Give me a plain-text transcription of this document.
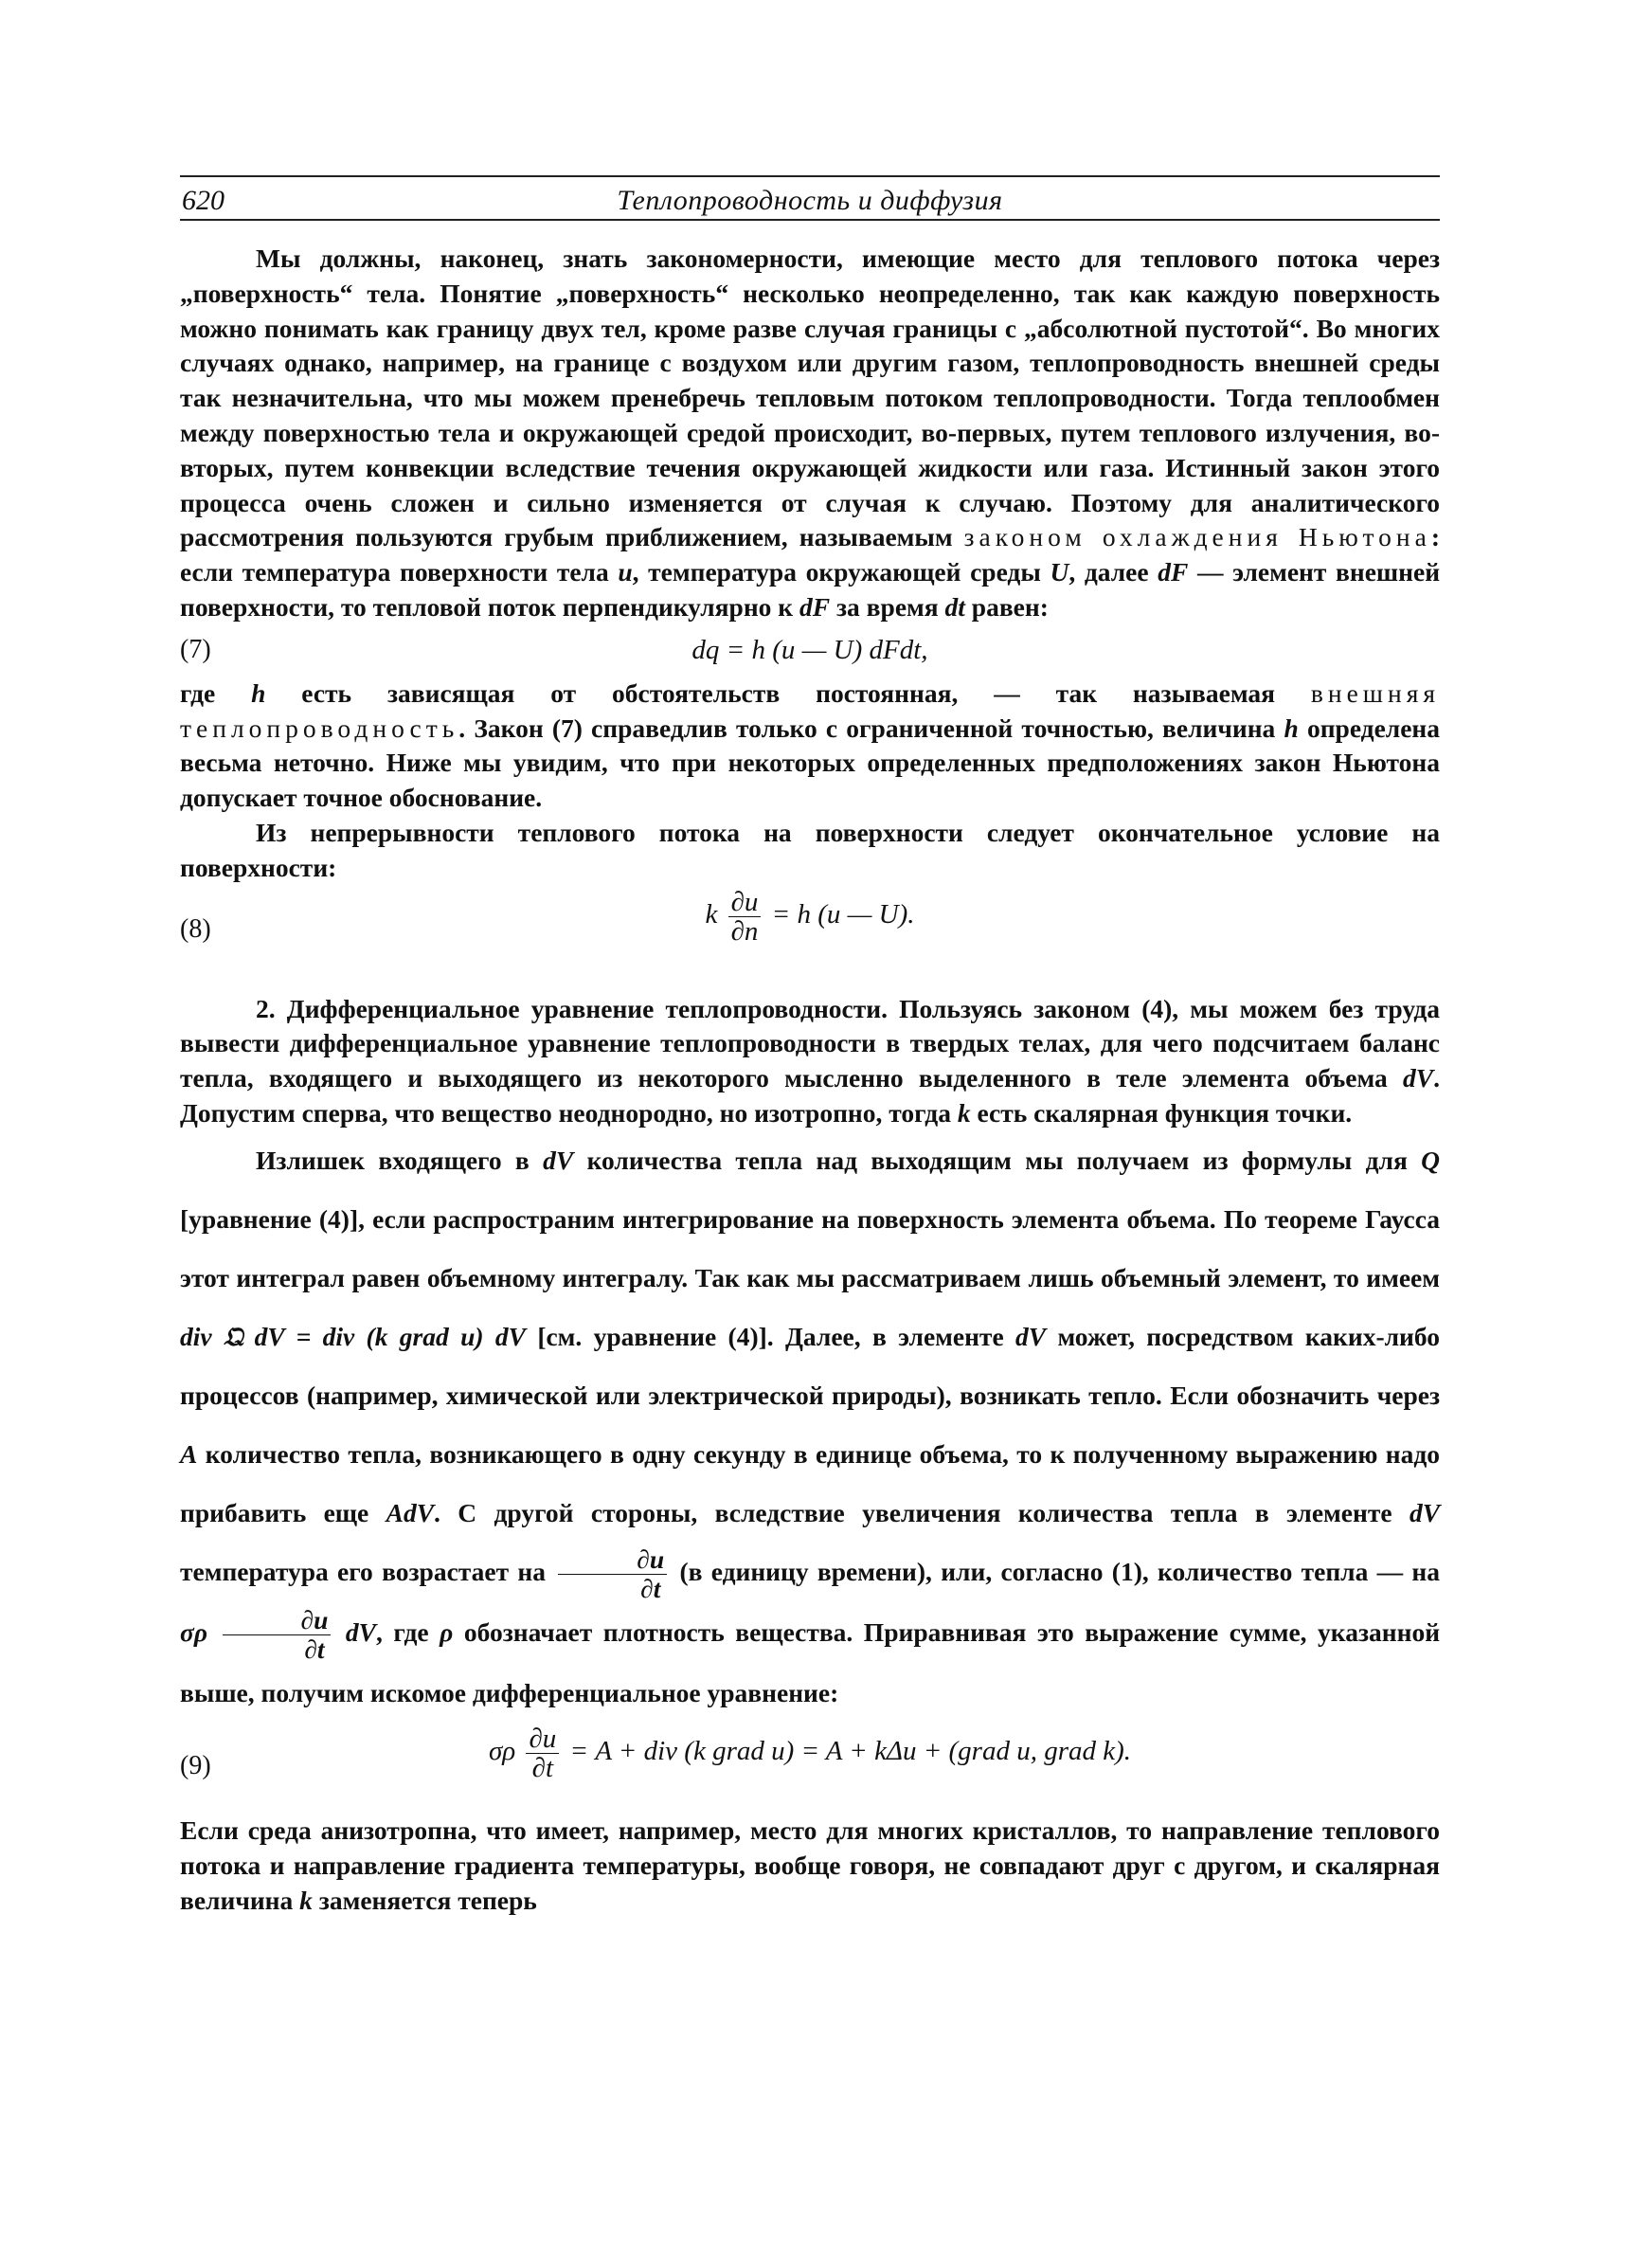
620	Теплопроводность и диффузия

Мы должны, наконец, знать закономерности, имеющие место для теплового потока через „поверхность“ тела. Понятие „поверхность“ несколько неопределенно, так как каждую поверхность можно понимать как границу двух тел, кроме разве случая границы с „абсолютной пустотой“. Во многих случаях однако, например, на границе с воздухом или другим газом, теплопроводность внешней среды так незначительна, что мы можем пренебречь тепловым потоком теплопроводности. Тогда теплообмен между поверхностью тела и окружающей средой происходит, во-первых, путем теплового излучения, во-вторых, путем конвекции вследствие течения окружающей жидкости или газа. Истинный закон этого процесса очень сложен и сильно изменяется от случая к случаю. Поэтому для аналитического рассмотрения пользуются грубым приближением, называемым законом охлаждения Ньютона: если температура поверхности тела u, температура окружающей среды U, далее dF — элемент внешней поверхности, то тепловой поток перпендикулярно к dF за время dt равен:

(7)	dq = h (u — U) dFdt,

где h есть зависящая от обстоятельств постоянная, — так называемая внешняя теплопроводность. Закон (7) справедлив только с ограниченной точностью, величина h определена весьма неточно. Ниже мы увидим, что при некоторых определенных предположениях закон Ньютона допускает точное обоснование.

Из непрерывности теплового потока на поверхности следует окончательное условие на поверхности:

(8)	k $\frac{\partial u}{\partial n} = h$ (u — U).

2. Дифференциальное уравнение теплопроводности. Пользуясь законом (4), мы можем без труда вывести дифференциальное уравнение теплопроводности в твердых телах, для чего подсчитаем баланс тепла, входящего и выходящего из некоторого мысленно выделенного в теле элемента объема dV. Допустим сперва, что вещество неоднородно, но изотропно, тогда k есть скалярная функция точки.

Излишек входящего в dV количества тепла над выходящим мы получаем из формулы для Q [уравнение (4)], если распространим интегрирование на поверхность элемента объема. По теореме Гаусса этот интеграл равен объемному интегралу. Так как мы рассматриваем лишь объемный элемент, то имеем div 𝔔 dV = div (k grad u) dV [см. уравнение (4)]. Далее, в элементе dV может, посредством каких-либо процессов (например, химической или электрической природы), возникать тепло. Если обозначить через A количество тепла, возникающего в одну секунду в единице объема, то к полученному выражению надо прибавить еще AdV. С другой стороны, вследствие увеличения количества тепла в элементе dV температура его возрастает на $\frac{\partial u}{\partial t} (в$ единицу времени), или, согласно (1), количество тепла — на σρ $\frac{\partial u}{\partial t}$ dV, где ρ обозначает плотность вещества. Приравнивая это выражение сумме, указанной выше, получим искомое дифференциальное уравнение:

(9)	σρ $\frac{\partial u}{\partial t} = A$ + div (k grad u) = A + kΔu + (grad u, grad k).

Если среда анизотропна, что имеет, например, место для многих кристаллов, то направление теплового потока и направление градиента температуры, вообще говоря, не совпадают друг с другом, и скалярная величина k заменяется теперь
